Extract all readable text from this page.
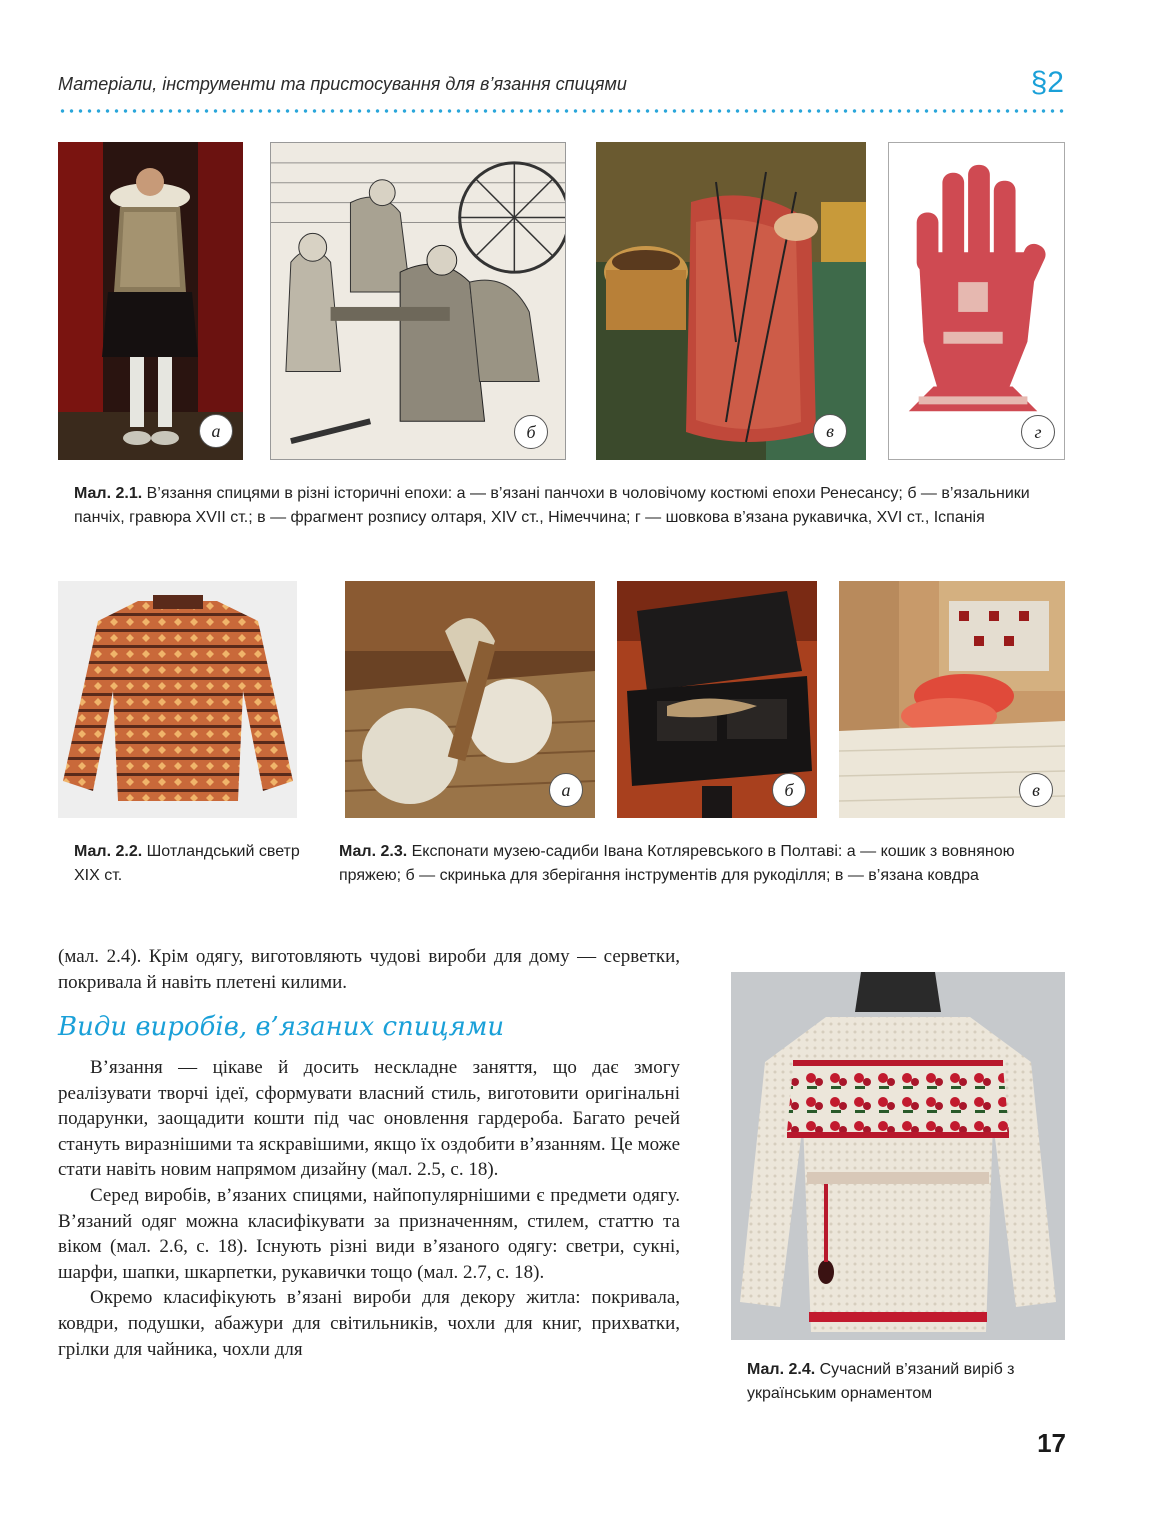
Матеріали, інструменти та пристосування для в’язання спицями	§2
а	б	в	г
Мал. 2.1. В’язання спицями в різні історичні епохи: а — в’язані панчохи в чоловічому костюмі епохи Ренесансу; б — в’язальники панчіх, гравюра XVII ст.; в — фрагмент розпису олтаря, XIV ст., Німеччина; г — шовкова в’язана рукавичка, XVI ст., Іспанія
Мал. 2.2. Шотландський светр XIX ст.
а	б	в
Мал. 2.3. Експонати музею-садиби Івана Котляревського в Полтаві: а — кошик з вовняною пряжею; б — скринька для зберігання інструментів для рукоділля; в — в’язана ковдра

(мал. 2.4). Крім одягу, виготовляють чудові вироби для дому — серветки, покривала й навіть плетені килими.

Види виробів, в’язаних спицями

В’язання — цікаве й досить нескладне заняття, що дає змогу реалізувати творчі ідеї, сформувати власний стиль, виготовити оригінальні подарунки, заощадити кошти під час оновлення гардероба. Багато речей стануть виразнішими та яскравішими, якщо їх оздобити в’язанням. Це може стати навіть новим напрямом дизайну (мал. 2.5, с. 18).

Серед виробів, в’язаних спицями, найпопулярнішими є предмети одягу. В’язаний одяг можна класифікувати за призначенням, стилем, статтю та віком (мал. 2.6, с. 18). Існують різні види в’язаного одягу: светри, сукні, шарфи, шапки, шкарпетки, рукавички тощо (мал. 2.7, с. 18).

Окремо класифікують в’язані вироби для декору житла: покривала, ковдри, подушки, абажури для світильників, чохли для книг, прихватки, грілки для чайника, чохли для

Мал. 2.4. Сучасний в’язаний виріб з українським орнаментом
17
